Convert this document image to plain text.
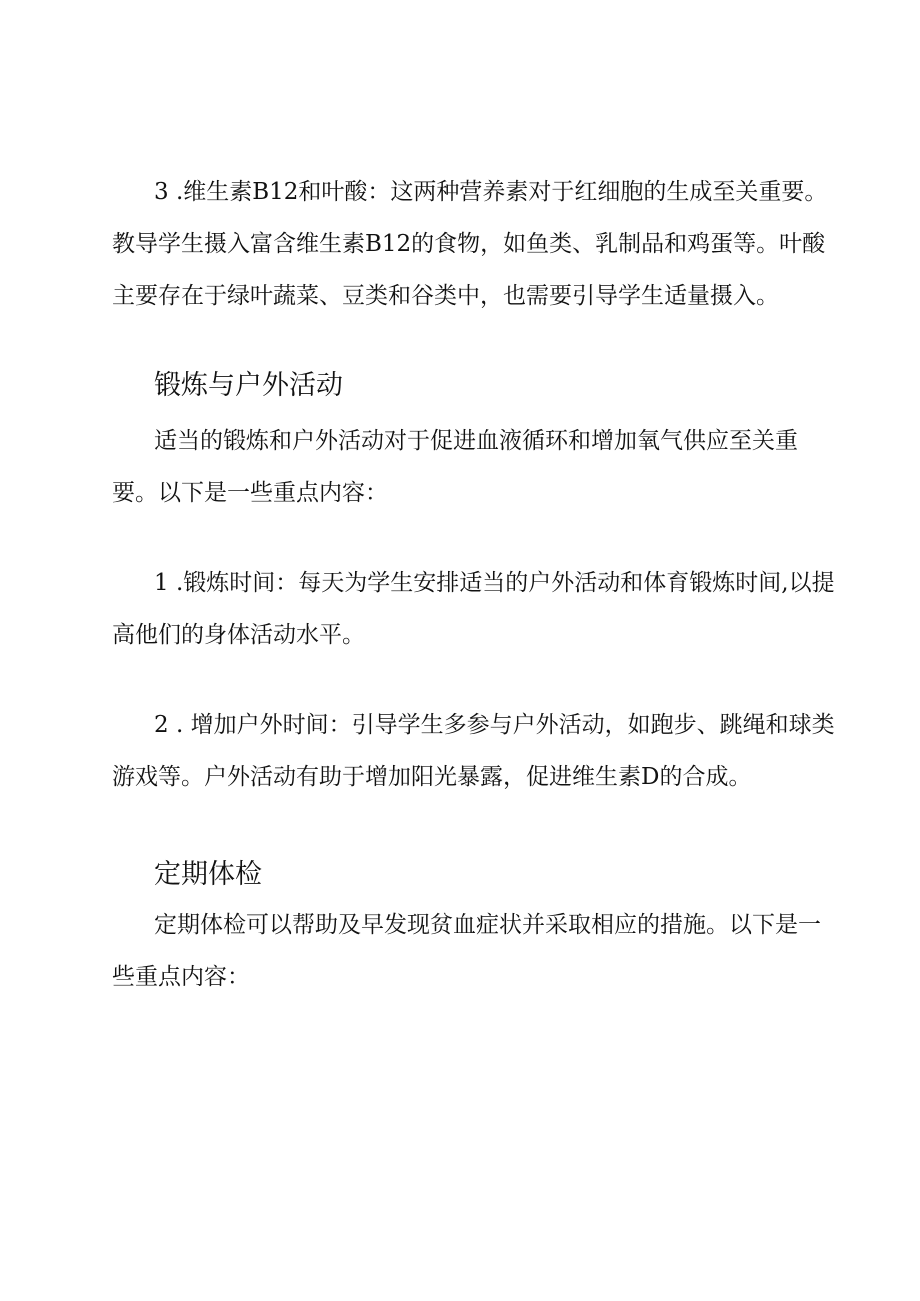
3 .维生素B12和叶酸：这两种营养素对于红细胞的生成至关重要。教导学生摄入富含维生素B12的食物，如鱼类、乳制品和鸡蛋等。叶酸主要存在于绿叶蔬菜、豆类和谷类中，也需要引导学生适量摄入。

锻炼与户外活动

适当的锻炼和户外活动对于促进血液循环和增加氧气供应至关重要。以下是一些重点内容：

1 .锻炼时间：每天为学生安排适当的户外活动和体育锻炼时间,以提高他们的身体活动水平。

2 . 增加户外时间：引导学生多参与户外活动，如跑步、跳绳和球类游戏等。户外活动有助于增加阳光暴露，促进维生素D的合成。

定期体检

定期体检可以帮助及早发现贫血症状并采取相应的措施。以下是一些重点内容：
